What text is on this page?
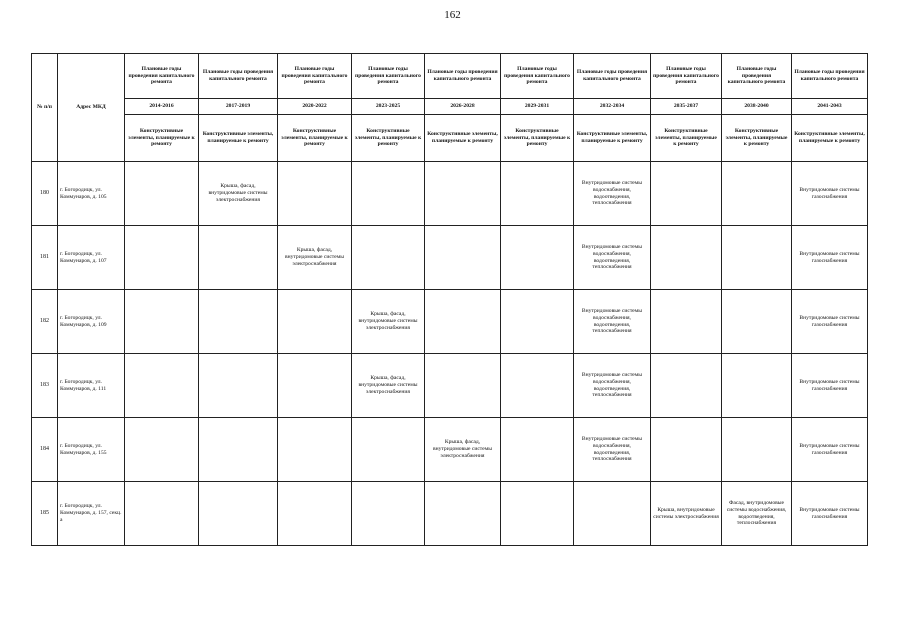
162
№ п/п	Адрес МКД	Плановые годы проведения капитального ремонта	Плановые годы проведения капитального ремонта	Плановые годы проведения капитального ремонта	Плановые годы проведения капитального ремонта	Плановые годы проведения капитального ремонта	Плановые годы проведения капитального ремонта	Плановые годы проведения капитального ремонта	Плановые годы проведения капитального ремонта	Плановые годы проведения капитального ремонта	Плановые годы проведения капитального ремонта
		2014-2016	2017-2019	2020-2022	2023-2025	2026-2028	2029-2031	2032-2034	2035-2037	2038-2040	2041-2043
		Конструктивные элементы, планируемые к ремонту	Конструктивные элементы, планируемые к ремонту	Конструктивные элементы, планируемые к ремонту	Конструктивные элементы, планируемые к ремонту	Конструктивные элементы, планируемые к ремонту	Конструктивные элементы, планируемые к ремонту	Конструктивные элементы, планируемые к ремонту	Конструктивные элементы, планируемые к ремонту	Конструктивные элементы, планируемые к ремонту	Конструктивные элементы, планируемые к ремонту
180	г. Богородицк, ул. Коммунаров, д. 105		Крыша, фасад, внутридомовые системы электроснабжения					Внутридомовые системы водоснабжения, водоотведения, теплоснабжения			Внутридомовые системы газоснабжения
181	г. Богородицк, ул. Коммунаров, д. 107			Крыша, фасад, внутридомовые системы электроснабжения				Внутридомовые системы водоснабжения, водоотведения, теплоснабжения			Внутридомовые системы газоснабжения
182	г. Богородицк, ул. Коммунаров, д. 109				Крыша, фасад, внутридомовые системы электроснабжения			Внутридомовые системы водоснабжения, водоотведения, теплоснабжения			Внутридомовые системы газоснабжения
183	г. Богородицк, ул. Коммунаров, д. 111				Крыша, фасад, внутридомовые системы электроснабжения			Внутридомовые системы водоснабжения, водоотведения, теплоснабжения			Внутридомовые системы газоснабжения
184	г. Богородицк, ул. Коммунаров, д. 155					Крыша, фасад, внутридомовые системы электроснабжения		Внутридомовые системы водоснабжения, водоотведения, теплоснабжения			Внутридомовые системы газоснабжения
185	г. Богородицк, ул. Коммунаров, д. 157, секц. а								Крыша, внутридомовые системы электроснабжения	Фасад, внутридомовые системы водоснабжения, водоотведения, теплоснабжения	Внутридомовые системы газоснабжения
